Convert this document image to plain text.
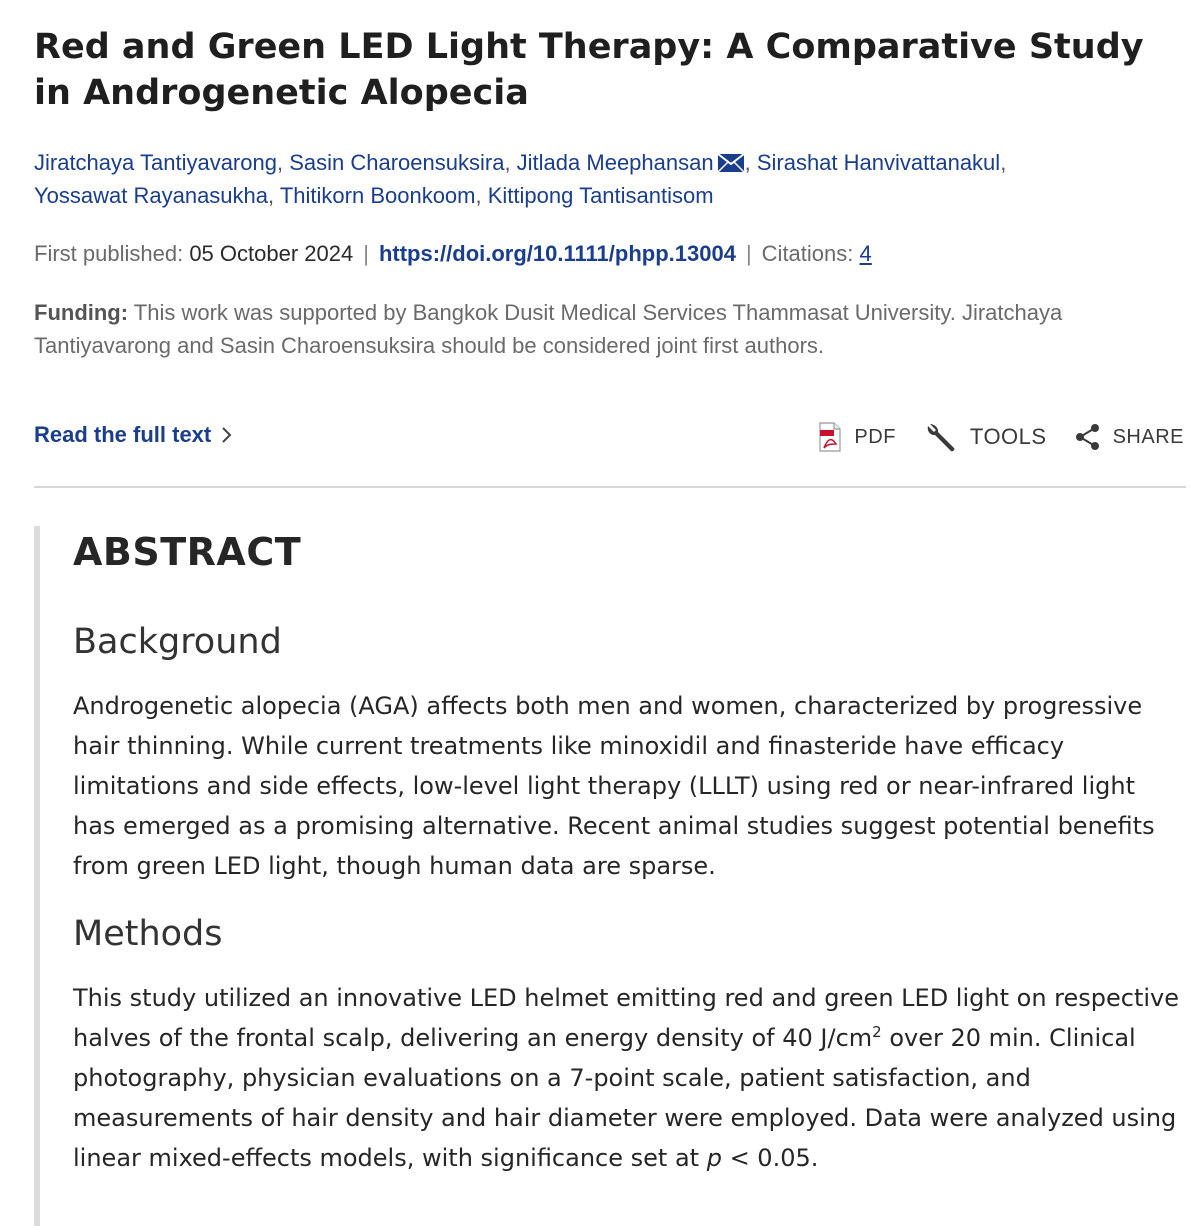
Red and Green LED Light Therapy: A Comparative Study in Androgenetic Alopecia
Jiratchaya Tantiyavarong, Sasin Charoensuksira, Jitlada Meephansan , Sirashat Hanvivattanakul,
Yossawat Rayanasukha, Thitikorn Boonkoom, Kittipong Tantisantisom
First published: 05 October 2024 | https://doi.org/10.1111/phpp.13004 | Citations: 4
Funding: This work was supported by Bangkok Dusit Medical Services Thammasat University. Jiratchaya Tantiyavarong and Sasin Charoensuksira should be considered joint first authors.
Read the full text	PDF	TOOLS	SHARE
ABSTRACT
Background

Androgenetic alopecia (AGA) affects both men and women, characterized by progressive hair thinning. While current treatments like minoxidil and finasteride have efficacy limitations and side effects, low-level light therapy (LLLT) using red or near-infrared light has emerged as a promising alternative. Recent animal studies suggest potential benefits from green LED light, though human data are sparse.

Methods

This study utilized an innovative LED helmet emitting red and green LED light on respective halves of the frontal scalp, delivering an energy density of 40 $J/cm^2$ over 20 min. Clinical photography, physician evaluations on a 7-point scale, patient satisfaction, and measurements of hair density and hair diameter were employed. Data were analyzed using linear mixed-effects models, with significance set at p < 0.05.
